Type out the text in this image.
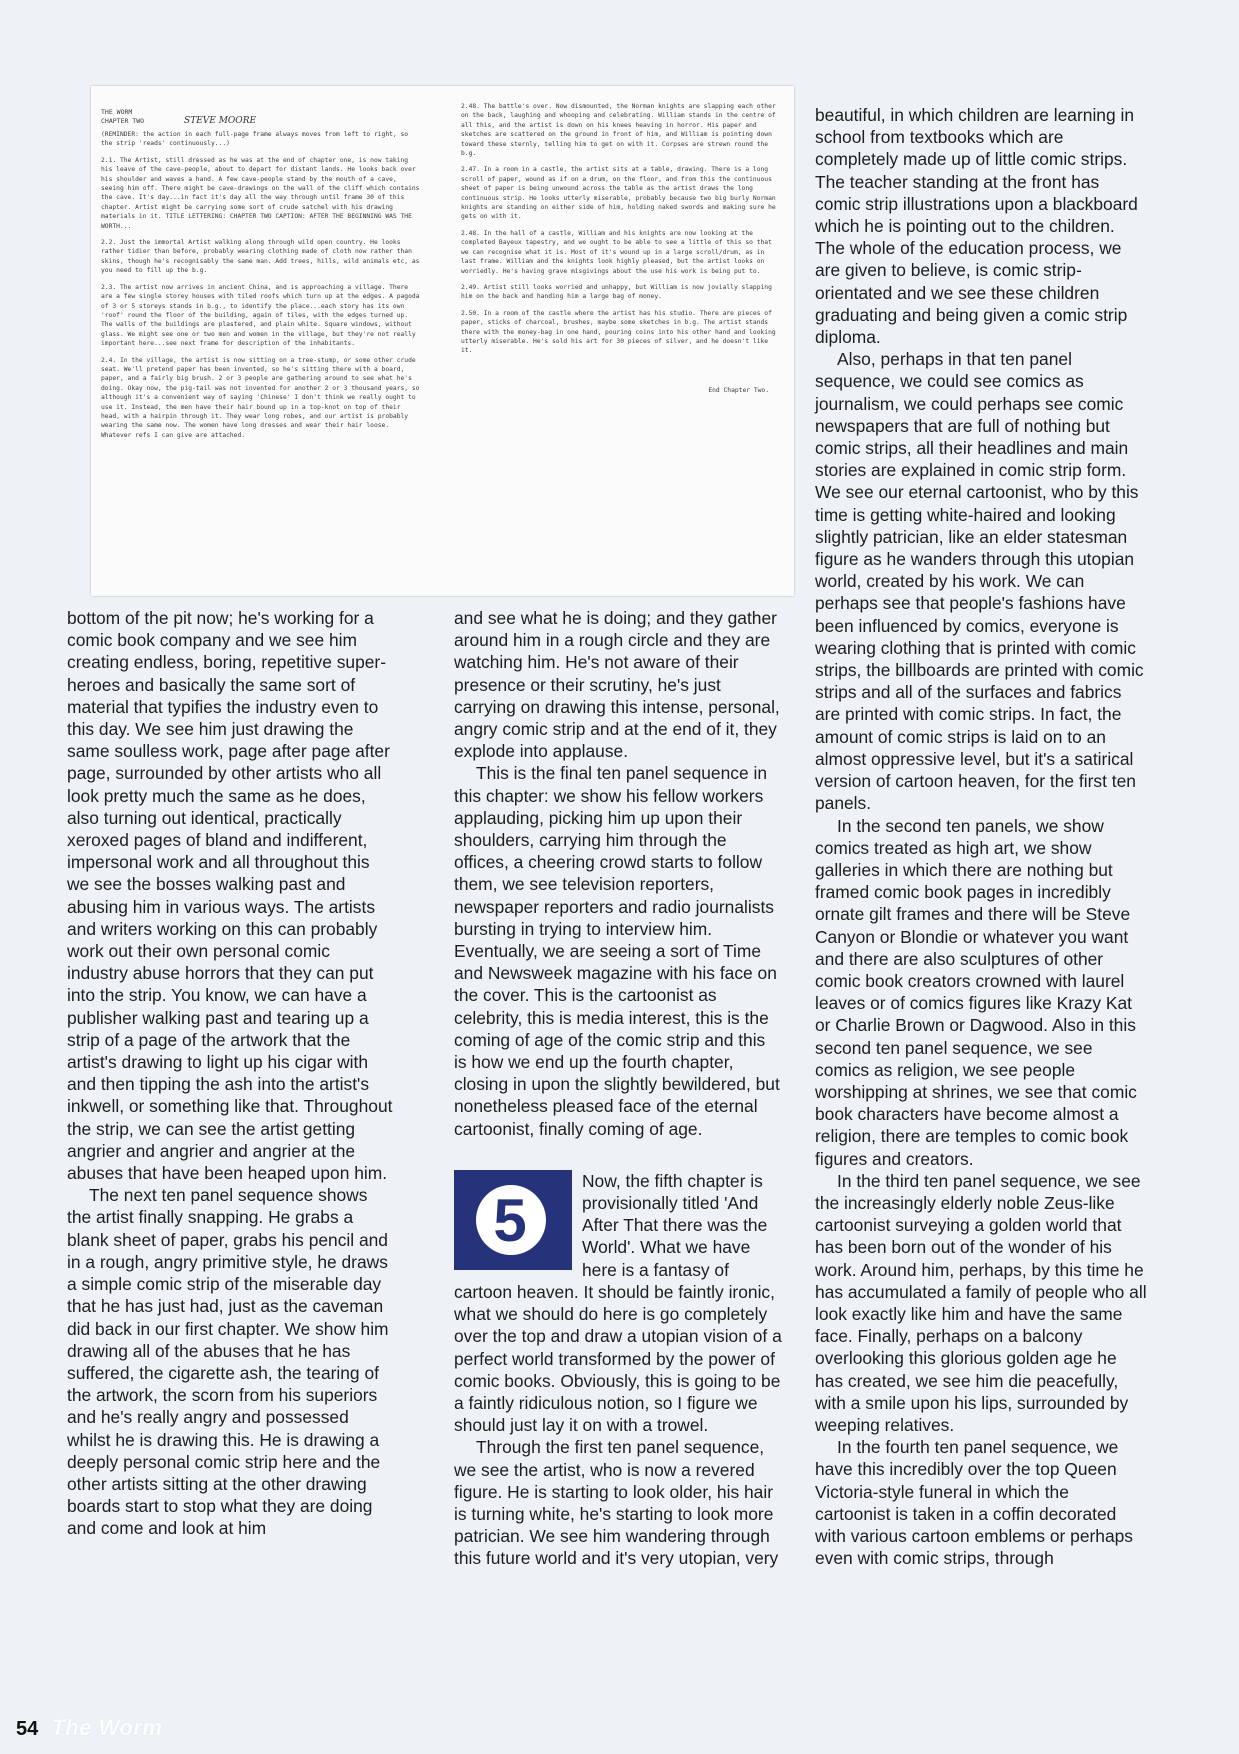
THE WORM
CHAPTER TWO	STEVE MOORE

(REMINDER: the action in each full-page frame always moves from left to right, so the strip 'reads' continuously...)

2.1. The Artist, still dressed as he was at the end of chapter one, is now taking his leave of the cave-people, about to depart for distant lands. He looks back over his shoulder and waves a hand. A few cave-people stand by the mouth of a cave, seeing him off. There might be cave-drawings on the wall of the cliff which contains the cave. It's day...in fact it's day all the way through until frame 30 of this chapter. Artist might be carrying some sort of crude satchel with his drawing materials in it. TITLE LETTERING: CHAPTER TWO CAPTION: AFTER THE BEGINNING WAS THE WORTH...

2.2. Just the immortal Artist walking along through wild open country. He looks rather tidier than before, probably wearing clothing made of cloth now rather than skins, though he's recognisably the same man. Add trees, hills, wild animals etc, as you need to fill up the b.g.

2.3. The artist now arrives in ancient China, and is approaching a village. There are a few single storey houses with tiled roofs which turn up at the edges. A pagoda of 3 or 5 storeys stands in b.g., to identify the place...each story has its own 'roof' round the floor of the building, again of tiles, with the edges turned up. The walls of the buildings are plastered, and plain white. Square windows, without glass. We might see one or two men and women in the village, but they're not really important here...see next frame for description of the inhabitants.

2.4. In the village, the artist is now sitting on a tree-stump, or some other crude seat. We'll pretend paper has been invented, so he's sitting there with a board, paper, and a fairly big brush. 2 or 3 people are gathering around to see what he's doing. Okay now, the pig-tail was not invented for another 2 or 3 thousand years, so although it's a convenient way of saying 'Chinese' I don't think we really ought to use it. Instead, the men have their hair bound up in a top-knot on top of their head, with a hairpin through it. They wear long robes, and our artist is probably wearing the same now. The women have long dresses and wear their hair loose. Whatever refs I can give are attached.

2.48. The battle's over. Now dismounted, the Norman knights are slapping each other on the back, laughing and whooping and celebrating. William stands in the centre of all this, and the artist is down on his knees heaving in horror. His paper and sketches are scattered on the ground in front of him, and William is pointing down toward these sternly, telling him to get on with it. Corpses are strewn round the b.g.

2.47. In a room in a castle, the artist sits at a table, drawing. There is a long scroll of paper, wound as if on a drum, on the floor, and from this the continuous sheet of paper is being unwound across the table as the artist draws the long continuous strip. He looks utterly miserable, probably because two big burly Norman knights are standing on either side of him, holding naked swords and making sure he gets on with it.

2.48. In the hall of a castle, William and his knights are now looking at the completed Bayeux tapestry, and we ought to be able to see a little of this so that we can recognise what it is. Most of it's wound up in a large scroll/drum, as in last frame. William and the knights look highly pleased, but the artist looks on worriedly. He's having grave misgivings about the use his work is being put to.

2.49. Artist still looks worried and unhappy, but William is now jovially slapping him on the back and handing him a large bag of money.

2.50. In a room of the castle where the artist has his studio. There are pieces of paper, sticks of charcoal, brushes, maybe some sketches in b.g. The artist stands there with the money-bag in one hand, pouring coins into his other hand and looking utterly miserable. He's sold his art for 30 pieces of silver, and he doesn't like it.

End Chapter Two.

bottom of the pit now; he's working for a comic book company and we see him creating endless, boring, repetitive super-heroes and basically the same sort of material that typifies the industry even to this day. We see him just drawing the same soulless work, page after page after page, surrounded by other artists who all look pretty much the same as he does, also turning out identical, practically xeroxed pages of bland and indifferent, impersonal work and all throughout this we see the bosses walking past and abusing him in various ways. The artists and writers working on this can probably work out their own personal comic industry abuse horrors that they can put into the strip. You know, we can have a publisher walking past and tearing up a strip of a page of the artwork that the artist's drawing to light up his cigar with and then tipping the ash into the artist's inkwell, or something like that. Throughout the strip, we can see the artist getting angrier and angrier and angrier at the abuses that have been heaped upon him.

The next ten panel sequence shows the artist finally snapping. He grabs a blank sheet of paper, grabs his pencil and in a rough, angry primitive style, he draws a simple comic strip of the miserable day that he has just had, just as the caveman did back in our first chapter. We show him drawing all of the abuses that he has suffered, the cigarette ash, the tearing of the artwork, the scorn from his superiors and he's really angry and possessed whilst he is drawing this. He is drawing a deeply personal comic strip here and the other artists sitting at the other drawing boards start to stop what they are doing and come and look at him

and see what he is doing; and they gather around him in a rough circle and they are watching him. He's not aware of their presence or their scrutiny, he's just carrying on drawing this intense, personal, angry comic strip and at the end of it, they explode into applause.

This is the final ten panel sequence in this chapter: we show his fellow workers applauding, picking him up upon their shoulders, carrying him through the offices, a cheering crowd starts to follow them, we see television reporters, newspaper reporters and radio journalists bursting in trying to interview him. Eventually, we are seeing a sort of Time and Newsweek magazine with his face on the cover. This is the cartoonist as celebrity, this is media interest, this is the coming of age of the comic strip and this is how we end up the fourth chapter, closing in upon the slightly bewildered, but nonetheless pleased face of the eternal cartoonist, finally coming of age.

5

Now, the fifth chapter is provisionally titled 'And After That there was the World'. What we have here is a fantasy of cartoon heaven. It should be faintly ironic, what we should do here is go completely over the top and draw a utopian vision of a perfect world transformed by the power of comic books. Obviously, this is going to be a faintly ridiculous notion, so I figure we should just lay it on with a trowel.

Through the first ten panel sequence, we see the artist, who is now a revered figure. He is starting to look older, his hair is turning white, he's starting to look more patrician. We see him wandering through this future world and it's very utopian, very

beautiful, in which children are learning in school from textbooks which are completely made up of little comic strips. The teacher standing at the front has comic strip illustrations upon a blackboard which he is pointing out to the children. The whole of the education process, we are given to believe, is comic strip-orientated and we see these children graduating and being given a comic strip diploma.

Also, perhaps in that ten panel sequence, we could see comics as journalism, we could perhaps see comic newspapers that are full of nothing but comic strips, all their headlines and main stories are explained in comic strip form. We see our eternal cartoonist, who by this time is getting white-haired and looking slightly patrician, like an elder statesman figure as he wanders through this utopian world, created by his work. We can perhaps see that people's fashions have been influenced by comics, everyone is wearing clothing that is printed with comic strips, the billboards are printed with comic strips and all of the surfaces and fabrics are printed with comic strips. In fact, the amount of comic strips is laid on to an almost oppressive level, but it's a satirical version of cartoon heaven, for the first ten panels.

In the second ten panels, we show comics treated as high art, we show galleries in which there are nothing but framed comic book pages in incredibly ornate gilt frames and there will be Steve Canyon or Blondie or whatever you want and there are also sculptures of other comic book creators crowned with laurel leaves or of comics figures like Krazy Kat or Charlie Brown or Dagwood. Also in this second ten panel sequence, we see comics as religion, we see people worshipping at shrines, we see that comic book characters have become almost a religion, there are temples to comic book figures and creators.

In the third ten panel sequence, we see the increasingly elderly noble Zeus-like cartoonist surveying a golden world that has been born out of the wonder of his work. Around him, perhaps, by this time he has accumulated a family of people who all look exactly like him and have the same face. Finally, perhaps on a balcony overlooking this glorious golden age he has created, we see him die peacefully, with a smile upon his lips, surrounded by weeping relatives.

In the fourth ten panel sequence, we have this incredibly over the top Queen Victoria-style funeral in which the cartoonist is taken in a coffin decorated with various cartoon emblems or perhaps even with comic strips, through

54 The Worm
